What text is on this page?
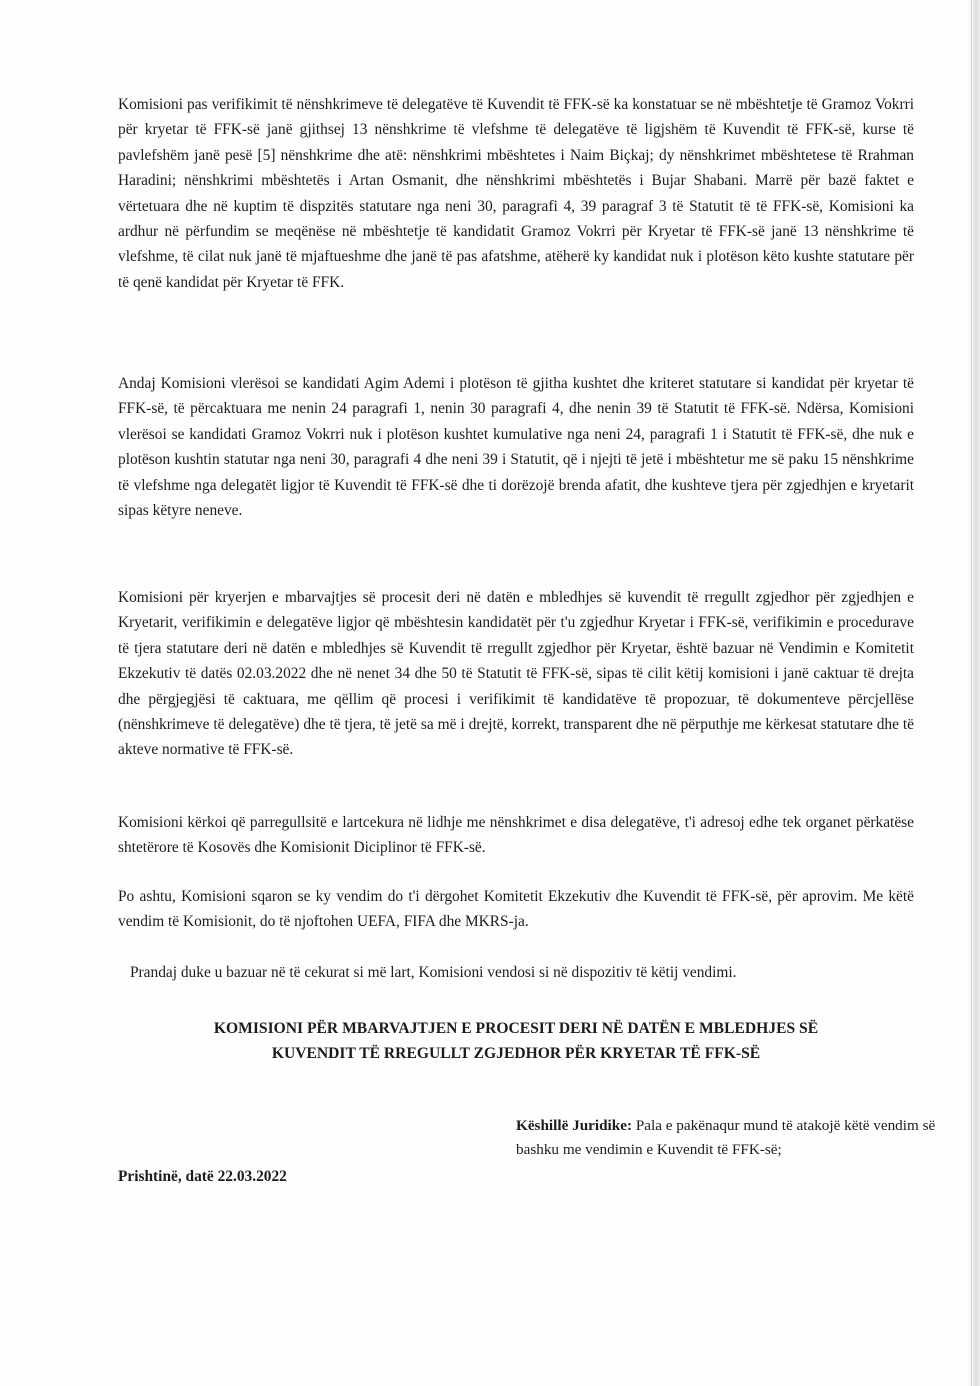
Komisioni pas verifikimit të nënshkrimeve të delegatëve të Kuvendit të FFK-së ka konstatuar se në mbështetje të Gramoz Vokrri për kryetar të FFK-së janë gjithsej 13 nënshkrime të vlefshme të delegatëve të ligjshëm të Kuvendit të FFK-së, kurse të pavlefshëm janë pesë [5] nënshkrime dhe atë: nënshkrimi mbështetes i Naim Biçkaj; dy nënshkrimet mbështetese të Rrahman Haradini; nënshkrimi mbështetës i Artan Osmanit, dhe nënshkrimi mbështetës i Bujar Shabani. Marrë për bazë faktet e vërtetuara dhe në kuptim të dispzitës statutare nga neni 30, paragrafi 4, 39 paragraf 3 të Statutit të të FFK-së, Komisioni ka ardhur në përfundim se meqënëse në mbështetje të kandidatit Gramoz Vokrri për Kryetar të FFK-së janë 13 nënshkrime të vlefshme, të cilat nuk janë të mjaftueshme dhe janë të pas afatshme, atëherë ky kandidat nuk i plotëson këto kushte statutare për të qenë kandidat për Kryetar të FFK.

Andaj Komisioni vlerësoi se kandidati Agim Ademi i plotëson të gjitha kushtet dhe kriteret statutare si kandidat për kryetar të FFK-së, të përcaktuara me nenin 24 paragrafi 1, nenin 30 paragrafi 4, dhe nenin 39 të Statutit të FFK-së. Ndërsa, Komisioni vlerësoi se kandidati Gramoz Vokrri nuk i plotëson kushtet kumulative nga neni 24, paragrafi 1 i Statutit të FFK-së, dhe nuk e plotëson kushtin statutar nga neni 30, paragrafi 4 dhe neni 39 i Statutit, që i njejti të jetë i mbështetur me së paku 15 nënshkrime të vlefshme nga delegatët ligjor të Kuvendit të FFK-së dhe ti dorëzojë brenda afatit, dhe kushteve tjera për zgjedhjen e kryetarit sipas këtyre neneve.

Komisioni për kryerjen e mbarvajtjes së procesit deri në datën e mbledhjes së kuvendit të rregullt zgjedhor për zgjedhjen e Kryetarit, verifikimin e delegatëve ligjor që mbështesin kandidatët për t'u zgjedhur Kryetar i FFK-së, verifikimin e procedurave të tjera statutare deri në datën e mbledhjes së Kuvendit të rregullt zgjedhor për Kryetar, është bazuar në Vendimin e Komitetit Ekzekutiv të datës 02.03.2022 dhe në nenet 34 dhe 50 të Statutit të FFK-së, sipas të cilit këtij komisioni i janë caktuar të drejta dhe përgjegjësi të caktuara, me qëllim që procesi i verifikimit të kandidatëve të propozuar, të dokumenteve përcjellëse (nënshkrimeve të delegatëve) dhe të tjera, të jetë sa më i drejtë, korrekt, transparent dhe në përputhje me kërkesat statutare dhe të akteve normative të FFK-së.

Komisioni kërkoi që parregullsitë e lartcekura në lidhje me nënshkrimet e disa delegatëve, t'i adresoj edhe tek organet përkatëse shtetërore të Kosovës dhe Komisionit Diciplinor të FFK-së.

Po ashtu, Komisioni sqaron se ky vendim do t'i dërgohet Komitetit Ekzekutiv dhe Kuvendit të FFK-së, për aprovim. Me këtë vendim të Komisionit, do të njoftohen UEFA, FIFA dhe MKRS-ja.

Prandaj duke u bazuar në të cekurat si më lart, Komisioni vendosi si në dispozitiv të këtij vendimi.

KOMISIONI PËR MBARVAJTJEN E PROCESIT DERI NË DATËN E MBLEDHJES SË
KUVENDIT TË RREGULLT ZGJEDHOR PËR KRYETAR TË FFK-SË

Këshillë Juridike: Pala e pakënaqur mund të atakojë këtë vendim së bashku me vendimin e Kuvendit të FFK-së;

Prishtinë, datë 22.03.2022
